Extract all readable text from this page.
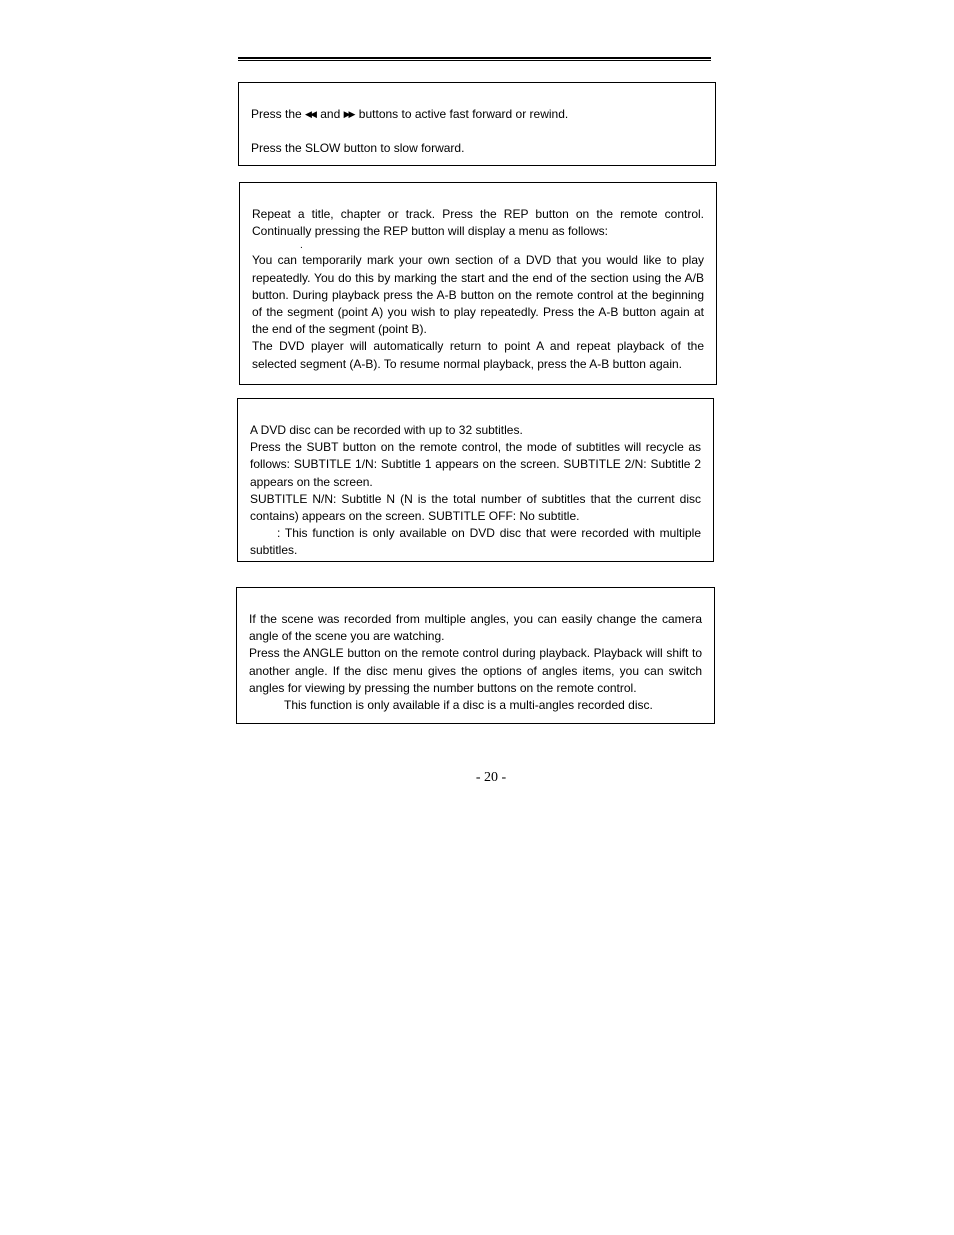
Press the ◀◀ and ▶▶ buttons to active fast forward or rewind.

Press the SLOW button to slow forward.

Repeat a title, chapter or track. Press the REP button on the remote control. Continually pressing the REP button will display a menu as follows:

.

You can temporarily mark your own section of a DVD that you would like to play repeatedly. You do this by marking the start and the end of the section using the A/B button. During playback press the A-B button on the remote control at the beginning of the segment (point A) you wish to play repeatedly. Press the A-B button again at the end of the segment (point B).

The DVD player will automatically return to point A and repeat playback of the selected segment (A-B). To resume normal playback, press the A-B button again.

A DVD disc can be recorded with up to 32 subtitles.

Press the SUBT button on the remote control, the mode of subtitles will recycle as follows: SUBTITLE 1/N: Subtitle 1 appears on the screen. SUBTITLE 2/N: Subtitle 2 appears on the screen.

SUBTITLE N/N: Subtitle N (N is the total number of subtitles that the current disc contains) appears on the screen. SUBTITLE OFF: No subtitle.

: This function is only available on DVD disc that were recorded with multiple subtitles.

If the scene was recorded from multiple angles, you can easily change the camera angle of the scene you are watching.

Press the ANGLE button on the remote control during playback. Playback will shift to another angle. If the disc menu gives the options of angles items, you can switch angles for viewing by pressing the number buttons on the remote control.

This function is only available if a disc is a multi-angles recorded disc.

- 20 -
